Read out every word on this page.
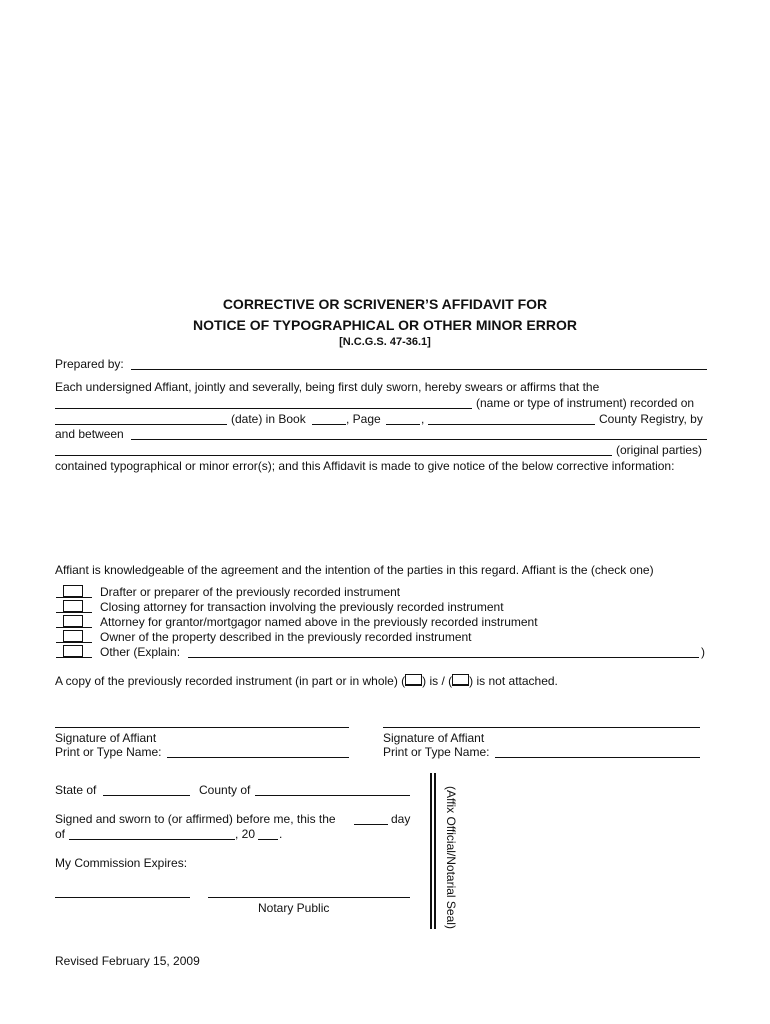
CORRECTIVE OR SCRIVENER’S AFFIDAVIT FOR
NOTICE OF TYPOGRAPHICAL OR OTHER MINOR ERROR
[N.C.G.S. 47-36.1]
Prepared by:
Each undersigned Affiant, jointly and severally, being first duly sworn, hereby swears or affirms that the
(name or type of instrument) recorded on
(date) in Book	, Page	,	County Registry, by
and between
(original parties)
contained typographical or minor error(s); and this Affidavit is made to give notice of the below corrective information:
Affiant is knowledgeable of the agreement and the intention of the parties in this regard. Affiant is the (check one)
Drafter or preparer of the previously recorded instrument
Closing attorney for transaction involving the previously recorded instrument
Attorney for grantor/mortgagor named above in the previously recorded instrument
Owner of the property described in the previously recorded instrument
Other (Explain:	)
A copy of the previously recorded instrument (in part or in whole) ( ) is / ( ) is not attached.
Signature of Affiant
Print or Type Name:
Signature of Affiant
Print or Type Name:
State of	County of
Signed and sworn to (or affirmed) before me, this the	day
of	, 20 .
My Commission Expires:
Notary Public	(Affix Official/Notarial Seal)
Revised February 15, 2009
